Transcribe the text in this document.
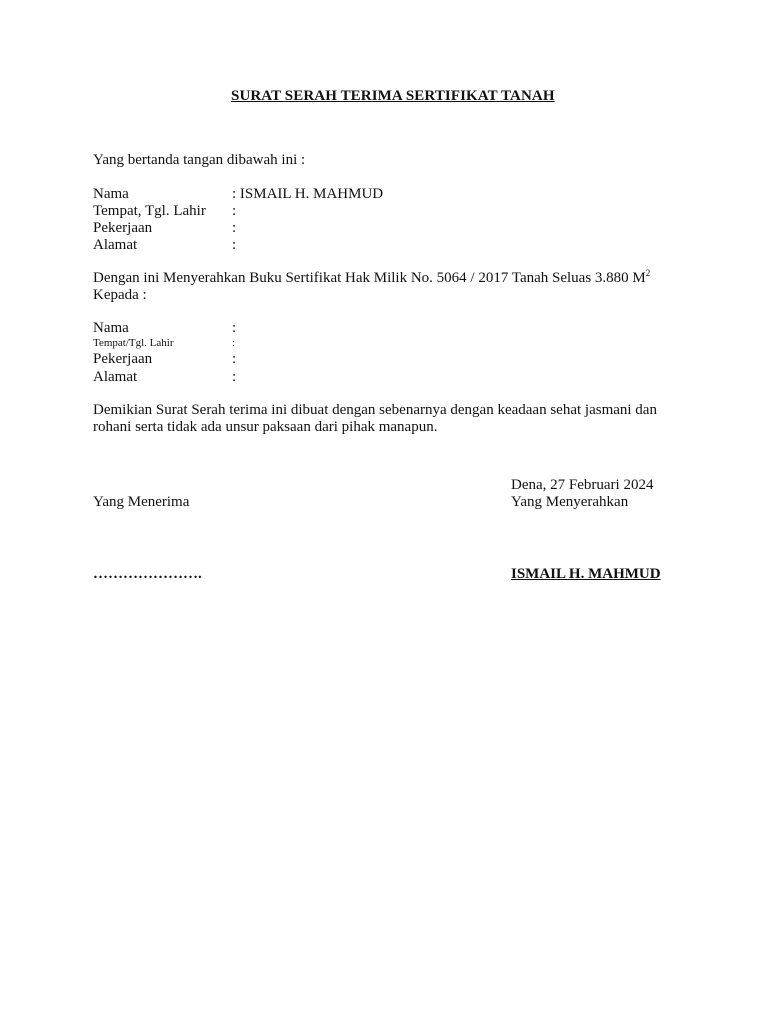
SURAT SERAH TERIMA SERTIFIKAT TANAH
Yang bertanda tangan dibawah ini :
Nama	: ISMAIL H. MAHMUD
Tempat, Tgl. Lahir :
Pekerjaan	:
Alamat	:
Dengan ini Menyerahkan Buku Sertifikat Hak Milik No. 5064 / 2017 Tanah Seluas 3.880 $M^2$
Kepada :
Nama	:
Tempat/Tgl. Lahir	:
Pekerjaan	:
Alamat	:
Demikian Surat Serah terima ini dibuat dengan sebenarnya dengan keadaan sehat jasmani dan
rohani serta tidak ada unsur paksaan dari pihak manapun.
Dena, 27 Februari 2024
Yang Menerima	Yang Menyerahkan
………………….	ISMAIL H. MAHMUD
